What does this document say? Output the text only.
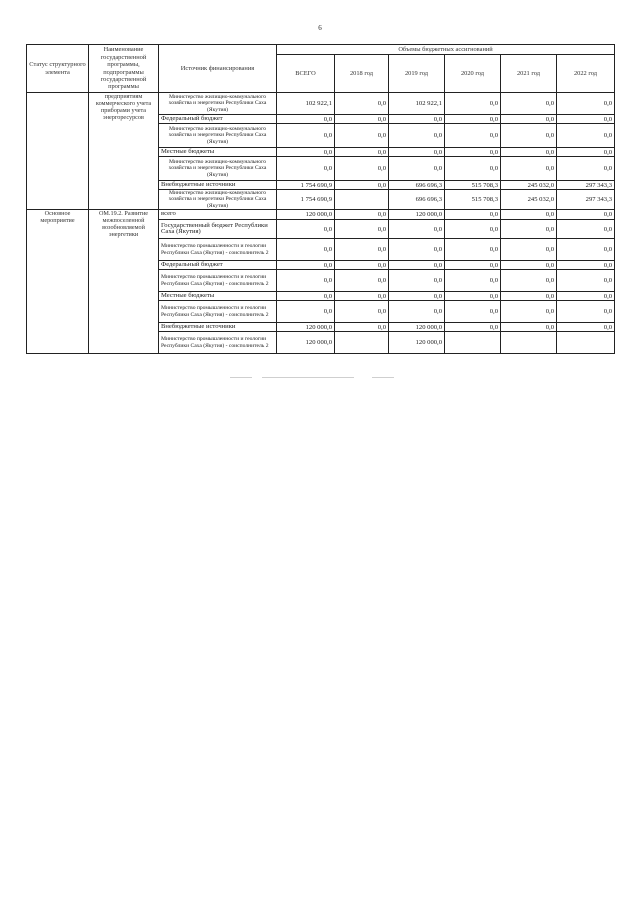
6
Статус структурного элемента	Наименование государственной программы, подпрограммы государственной программы	Источник финансирования	Объемы бюджетных ассигнований					
			ВСЕГО	2018 год	2019 год	2020 год	2021 год	2022 год
	предприятиям коммерческого учета приборами учета энергоресурсов	Министерство жилищно-коммунального хозяйства и энергетики Республики Саха (Якутия)	102 922,1	0,0	102 922,1	0,0	0,0	0,0
		Федеральный бюджет	0,0	0,0	0,0	0,0	0,0	0,0
		Министерство жилищно-коммунального хозяйства и энергетики Республики Саха (Якутия)	0,0	0,0	0,0	0,0	0,0	0,0
		Местные бюджеты	0,0	0,0	0,0	0,0	0,0	0,0
		Министерство жилищно-коммунального хозяйства и энергетики Республики Саха (Якутия)	0,0	0,0	0,0	0,0	0,0	0,0
		Внебюджетные источники	1 754 690,9	0,0	696 696,3	515 708,3	245 032,0	297 343,3
		Министерство жилищно-коммунального хозяйства и энергетики Республики Саха (Якутия)	1 754 690,9		696 696,3	515 708,3	245 032,0	297 343,3
Основное мероприятие	ОМ.19.2. Развитие межпоселенной возобновляемой энергетики	всего	120 000,0	0,0	120 000,0	0,0	0,0	0,0
		Государственный бюджет Республики Саха (Якутия)	0,0	0,0	0,0	0,0	0,0	0,0
		Министерство промышленности и геологии Республики Саха (Якутия) - соисполнитель 2	0,0	0,0	0,0	0,0	0,0	0,0
		Федеральный бюджет	0,0	0,0	0,0	0,0	0,0	0,0
		Министерство промышленности и геологии Республики Саха (Якутия) - соисполнитель 2	0,0	0,0	0,0	0,0	0,0	0,0
		Местные бюджеты	0,0	0,0	0,0	0,0	0,0	0,0
		Министерство промышленности и геологии Республики Саха (Якутия) - соисполнитель 2	0,0	0,0	0,0	0,0	0,0	0,0
		Внебюджетные источники	120 000,0	0,0	120 000,0	0,0	0,0	0,0
		Министерство промышленности и геологии Республики Саха (Якутия) - соисполнитель 2	120 000,0		120 000,0			
